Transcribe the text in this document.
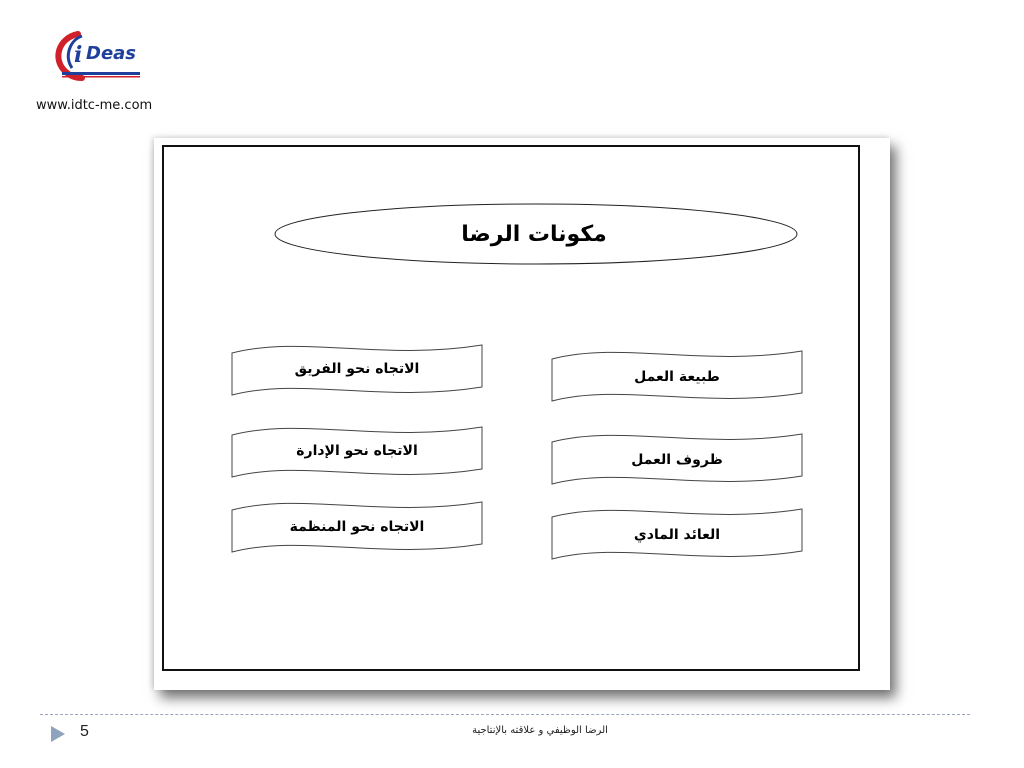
i Deas
www.idtc-me.com
مكونات الرضا
الاتجاه نحو الفريق	طبيعة العمل
الاتجاه نحو الإدارة
ظروف العمل
الاتجاه نحو المنظمة	العائد المادي
5	الرضا الوظيفي و علاقته بالإنتاجية
